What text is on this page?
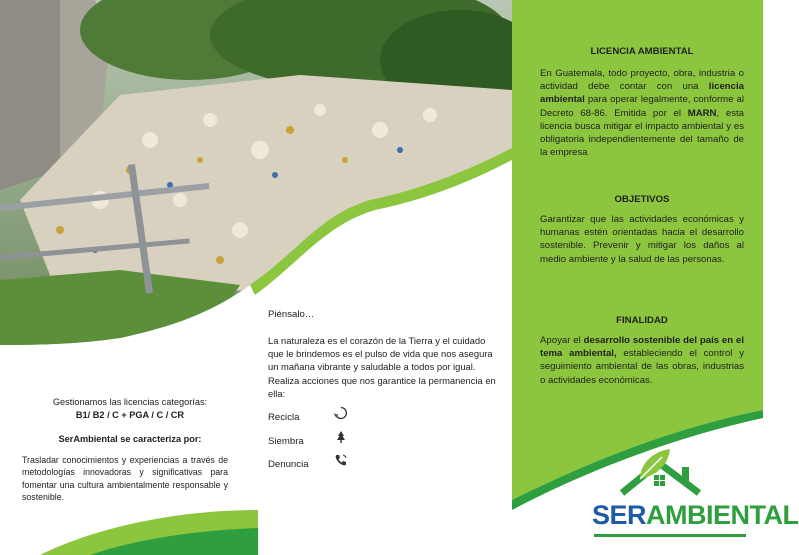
Gestionamos las licencias categorías:
B1/ B2 / C + PGA / C / CR
SerAmbiental se caracteriza por:
Trasladar conocimientos y experiencias a través de metodologías innovadoras y significativas para fomentar una cultura ambientalmente responsable y sostenible.
Piénsalo…
La naturaleza es el corazón de la Tierra y el cuidado que le brindemos es el pulso de vida que nos asegura un mañana vibrante y saludable a todos por igual. Realiza acciones que nos garantice la permanencia en ella:
Recicla
Siembra
Denuncia
LICENCIA AMBIENTAL
En Guatemala, todo proyecto, obra, industria o actividad debe contar con una licencia ambiental para operar legalmente, conforme al Decreto 68-86. Emitida por el MARN, esta licencia busca mitigar el impacto ambiental y es obligatoria independientemente del tamaño de la empresa
OBJETIVOS
Garantizar que las actividades económicas y humanas estén orientadas hacia el desarrollo sostenible. Prevenir y mitigar los daños al medio ambiente y la salud de las personas.
FINALIDAD
Apoyar el desarrollo sostenible del país en el tema ambiental, estableciendo el control y seguimiento ambiental de las obras, industrias o actividades económicas.
SERAMBIENTAL
